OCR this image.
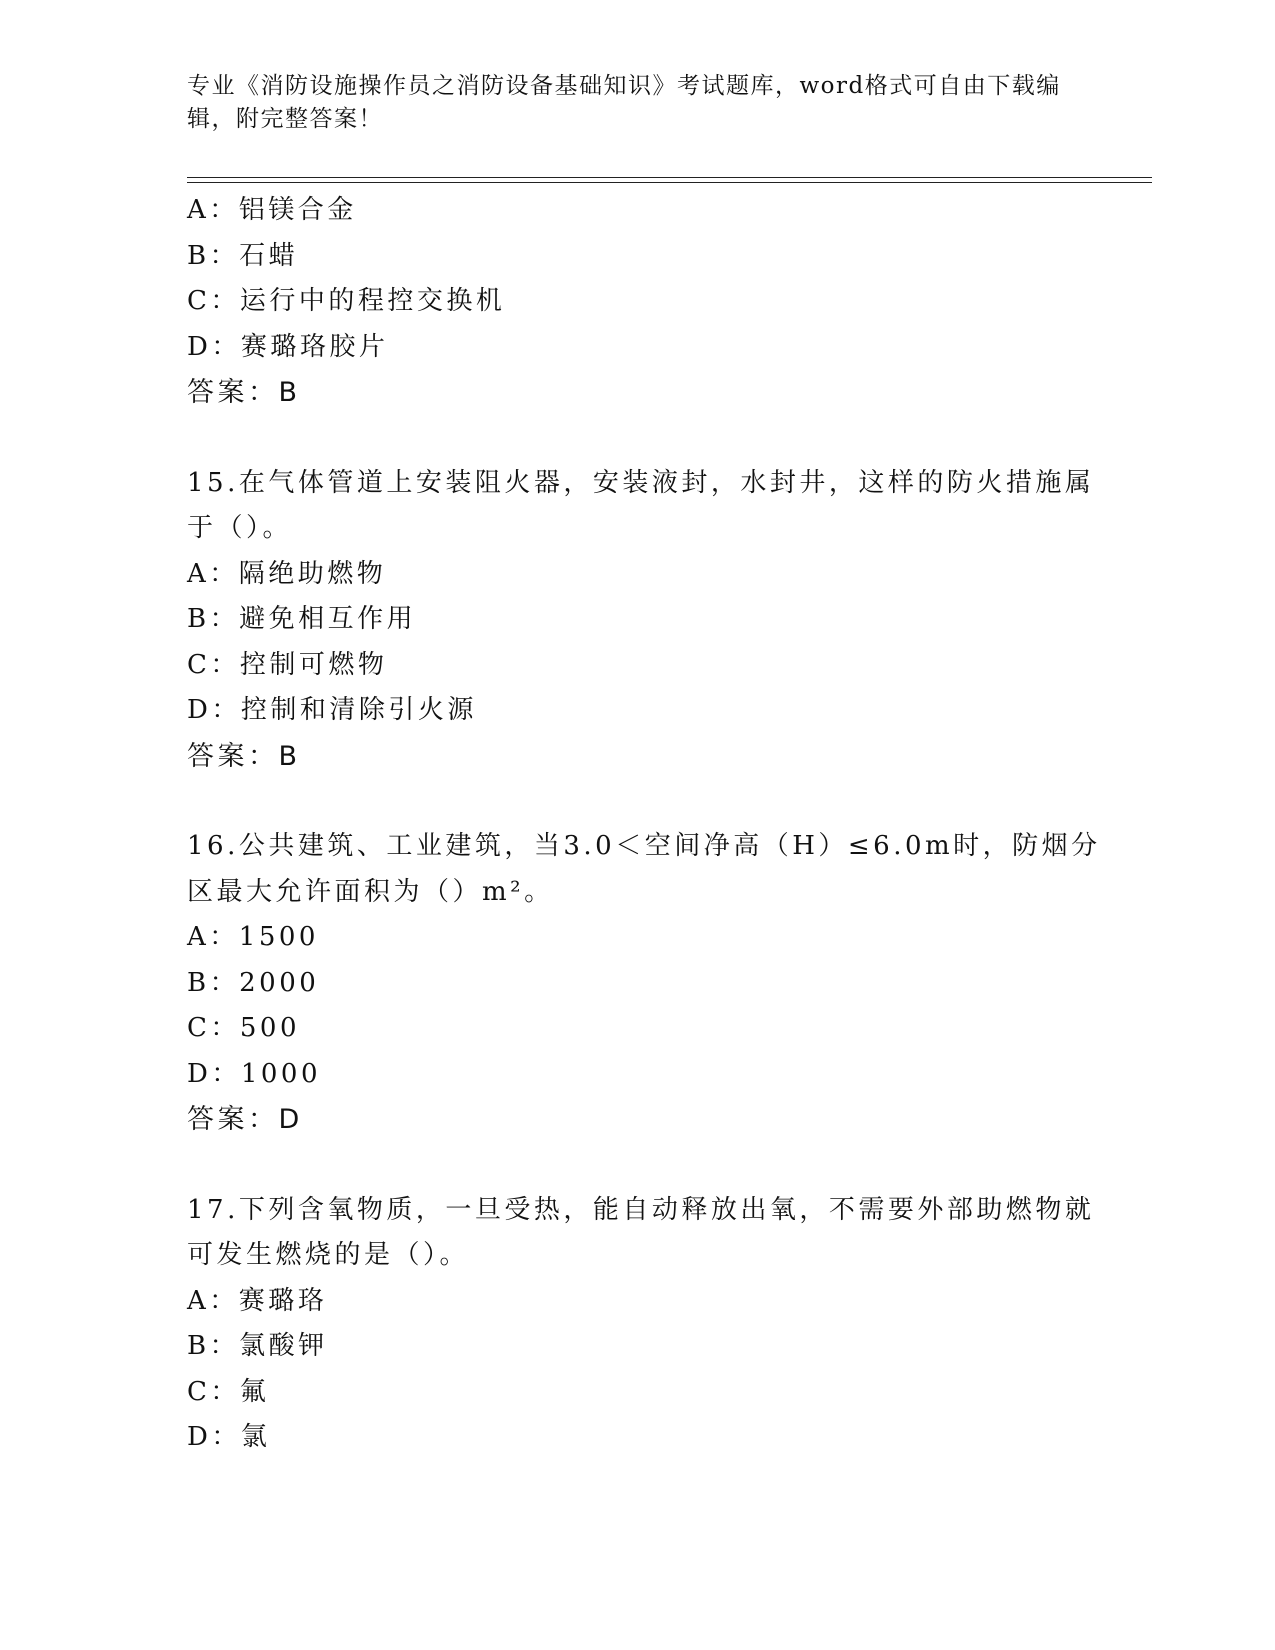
专业《消防设施操作员之消防设备基础知识》考试题库，word格式可自由下载编辑，附完整答案！
A：铝镁合金
B：石蜡
C：运行中的程控交换机
D：赛璐珞胶片
答案：B
15.在气体管道上安装阻火器，安装液封，水封井，这样的防火措施属
于（）。
A：隔绝助燃物
B：避免相互作用
C：控制可燃物
D：控制和清除引火源
答案：B
16.公共建筑、工业建筑，当3.0＜空间净高（H）≤6.0m时，防烟分
区最大允许面积为（）m²。
A：1500
B：2000
C：500
D：1000
答案：D
17.下列含氧物质，一旦受热，能自动释放出氧，不需要外部助燃物就
可发生燃烧的是（）。
A：赛璐珞
B：氯酸钾
C：氟
D：氯
